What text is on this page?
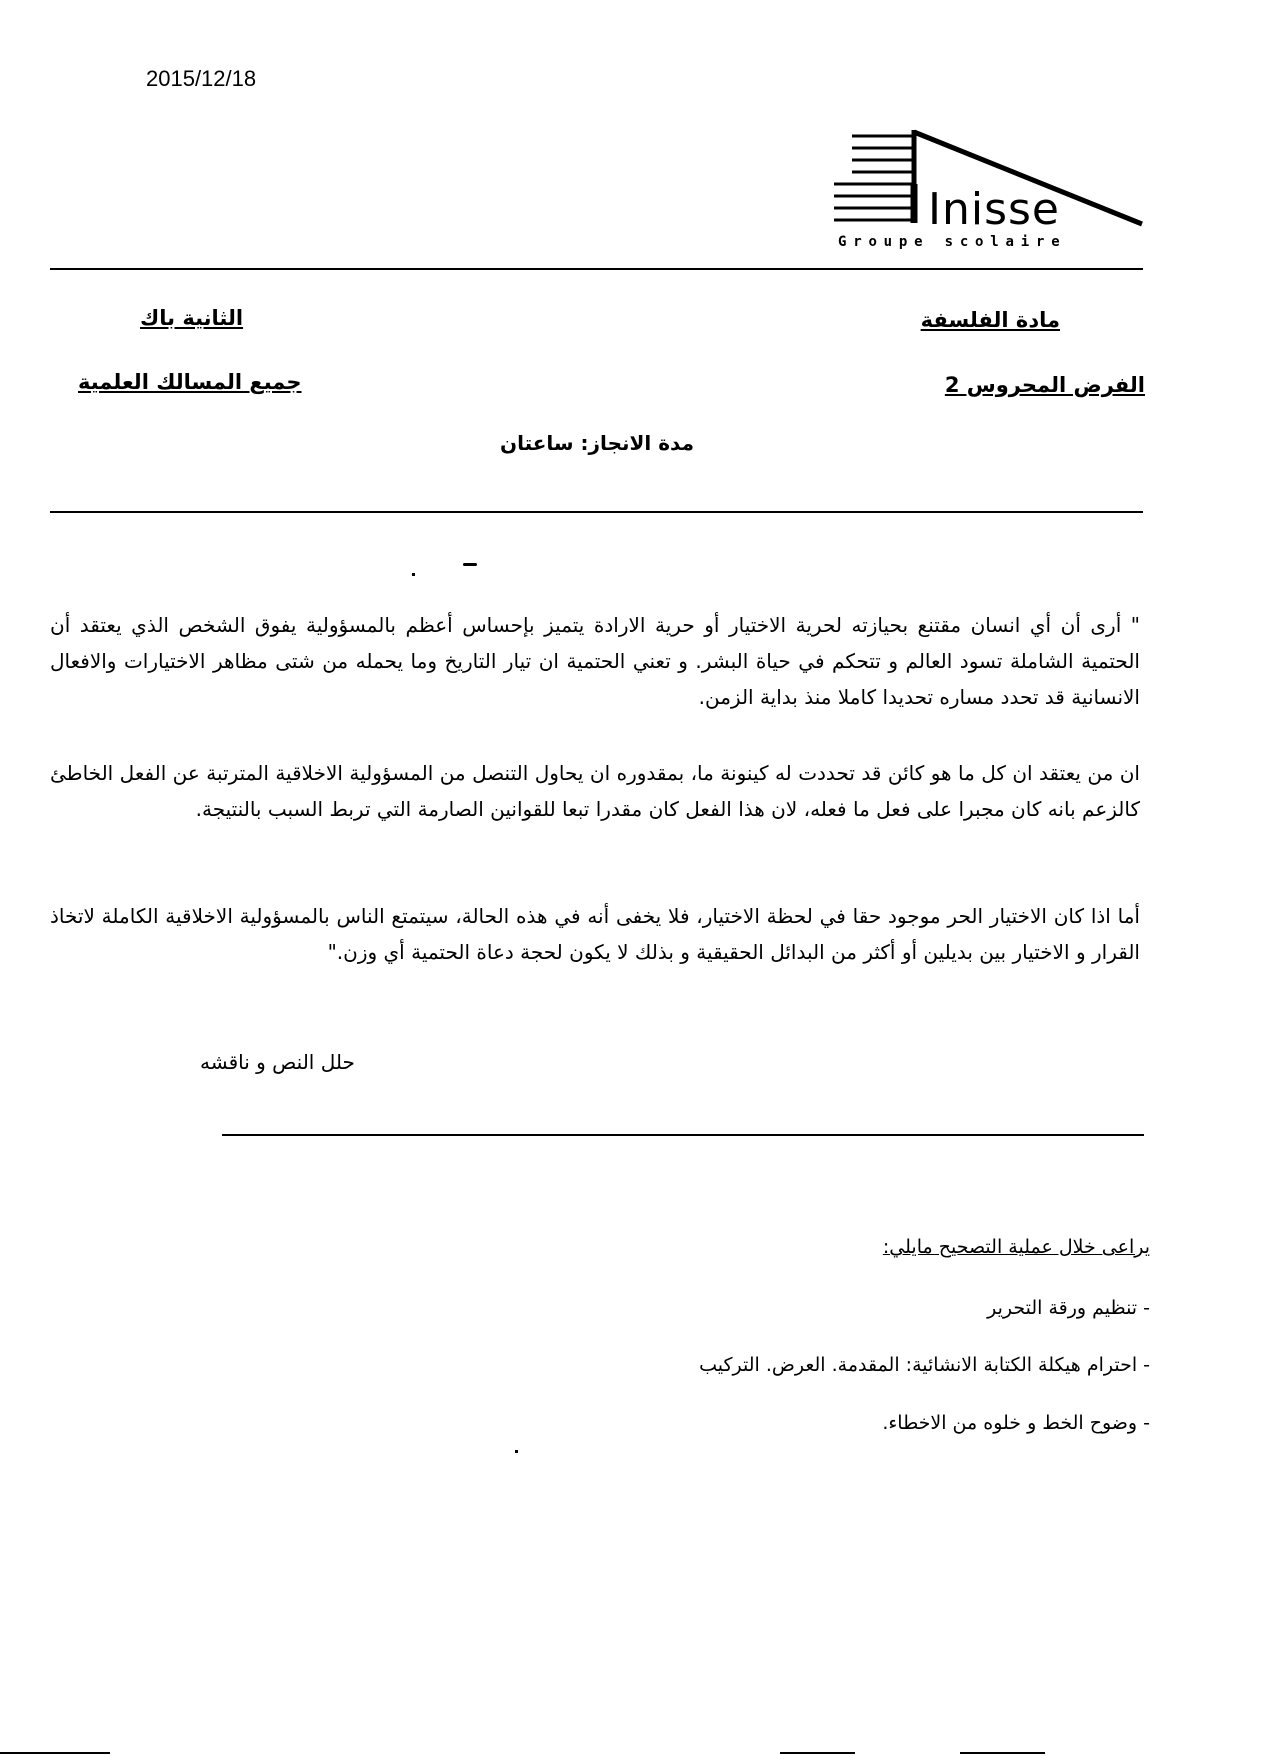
2015/12/18
Inisse
Groupe scolaire
مادة الفلسفة
الثانية باك
الفرض المحروس 2
جميع المسالك العلمية
مدة الانجاز: ساعتان
" أرى أن أي انسان مقتنع بحيازته لحرية الاختيار أو حرية الارادة يتميز بإحساس أعظم بالمسؤولية يفوق الشخص الذي يعتقد أن الحتمية الشاملة تسود العالم و تتحكم في حياة البشر. و تعني الحتمية ان تيار التاريخ وما يحمله من شتى مظاهر الاختيارات والافعال الانسانية قد تحدد مساره تحديدا كاملا منذ بداية الزمن.
ان من يعتقد ان كل ما هو كائن قد تحددت له كينونة ما، بمقدوره ان يحاول التنصل من المسؤولية الاخلاقية المترتبة عن الفعل الخاطئ كالزعم بانه كان مجبرا على فعل ما فعله، لان هذا الفعل كان مقدرا تبعا للقوانين الصارمة التي تربط السبب بالنتيجة.
أما اذا كان الاختيار الحر موجود حقا في لحظة الاختيار، فلا يخفى أنه في هذه الحالة، سيتمتع الناس بالمسؤولية الاخلاقية الكاملة لاتخاذ القرار و الاختيار بين بديلين أو أكثر من البدائل الحقيقية و بذلك لا يكون لحجة دعاة الحتمية أي وزن."
حلل النص و ناقشه
يراعى خلال عملية التصحيح مايلي:
- تنظيم ورقة التحرير
- احترام هيكلة الكتابة الانشائية: المقدمة. العرض. التركيب
- وضوح الخط و خلوه من الاخطاء.
